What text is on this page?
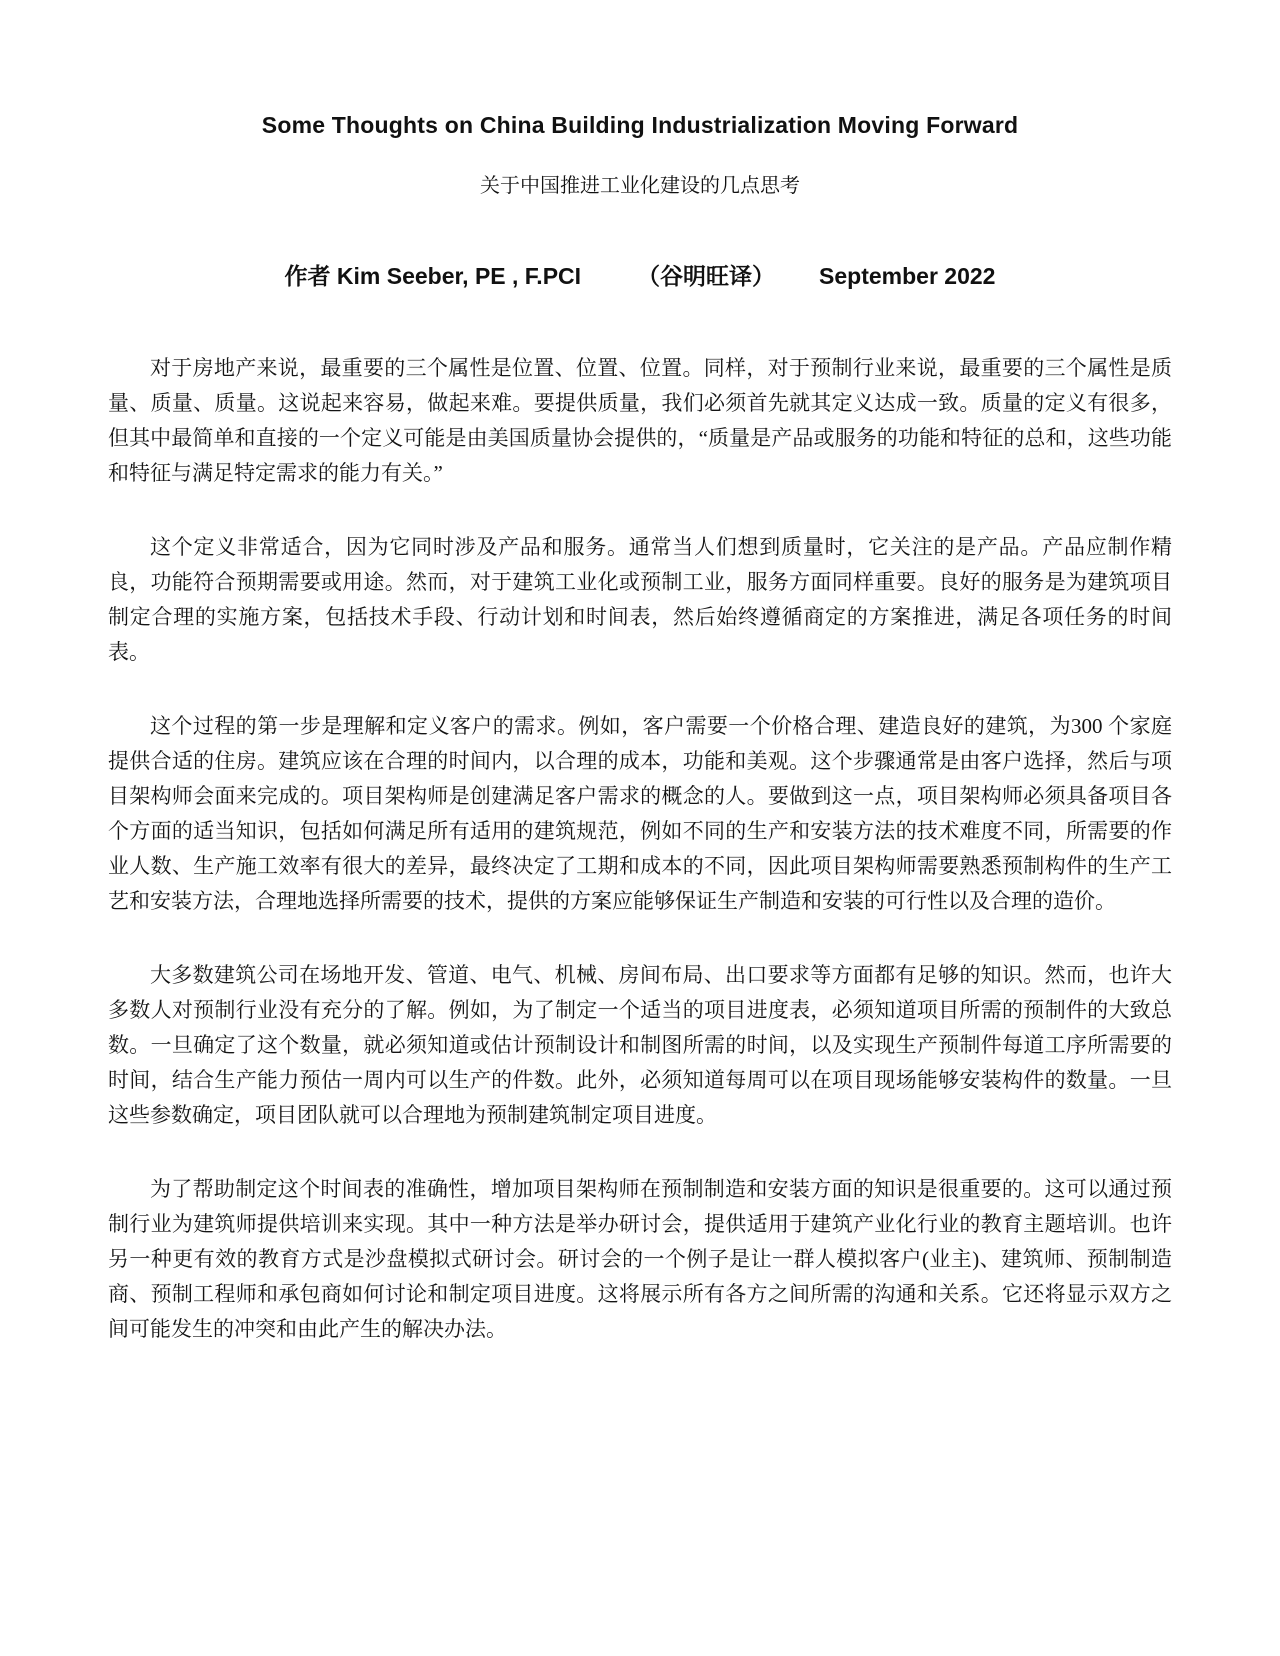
Some Thoughts on China Building Industrialization Moving Forward
关于中国推进工业化建设的几点思考
作者 Kim Seeber, PE , F.PCI （谷明旺译） September 2022

对于房地产来说，最重要的三个属性是位置、位置、位置。同样，对于预制行业来说，最重要的三个属性是质量、质量、质量。这说起来容易，做起来难。要提供质量，我们必须首先就其定义达成一致。质量的定义有很多，但其中最简单和直接的一个定义可能是由美国质量协会提供的，“质量是产品或服务的功能和特征的总和，这些功能和特征与满足特定需求的能力有关。”

这个定义非常适合，因为它同时涉及产品和服务。通常当人们想到质量时，它关注的是产品。产品应制作精良，功能符合预期需要或用途。然而，对于建筑工业化或预制工业，服务方面同样重要。良好的服务是为建筑项目制定合理的实施方案，包括技术手段、行动计划和时间表，然后始终遵循商定的方案推进，满足各项任务的时间表。

这个过程的第一步是理解和定义客户的需求。例如，客户需要一个价格合理、建造良好的建筑，为300 个家庭提供合适的住房。建筑应该在合理的时间内，以合理的成本，功能和美观。这个步骤通常是由客户选择，然后与项目架构师会面来完成的。项目架构师是创建满足客户需求的概念的人。要做到这一点，项目架构师必须具备项目各个方面的适当知识，包括如何满足所有适用的建筑规范，例如不同的生产和安装方法的技术难度不同，所需要的作业人数、生产施工效率有很大的差异，最终决定了工期和成本的不同，因此项目架构师需要熟悉预制构件的生产工艺和安装方法，合理地选择所需要的技术，提供的方案应能够保证生产制造和安装的可行性以及合理的造价。

大多数建筑公司在场地开发、管道、电气、机械、房间布局、出口要求等方面都有足够的知识。然而，也许大多数人对预制行业没有充分的了解。例如，为了制定一个适当的项目进度表，必须知道项目所需的预制件的大致总数。一旦确定了这个数量，就必须知道或估计预制设计和制图所需的时间，以及实现生产预制件每道工序所需要的时间，结合生产能力预估一周内可以生产的件数。此外，必须知道每周可以在项目现场能够安装构件的数量。一旦这些参数确定，项目团队就可以合理地为预制建筑制定项目进度。

为了帮助制定这个时间表的准确性，增加项目架构师在预制制造和安装方面的知识是很重要的。这可以通过预制行业为建筑师提供培训来实现。其中一种方法是举办研讨会，提供适用于建筑产业化行业的教育主题培训。也许另一种更有效的教育方式是沙盘模拟式研讨会。研讨会的一个例子是让一群人模拟客户(业主)、建筑师、预制制造商、预制工程师和承包商如何讨论和制定项目进度。这将展示所有各方之间所需的沟通和关系。它还将显示双方之间可能发生的冲突和由此产生的解决办法。
